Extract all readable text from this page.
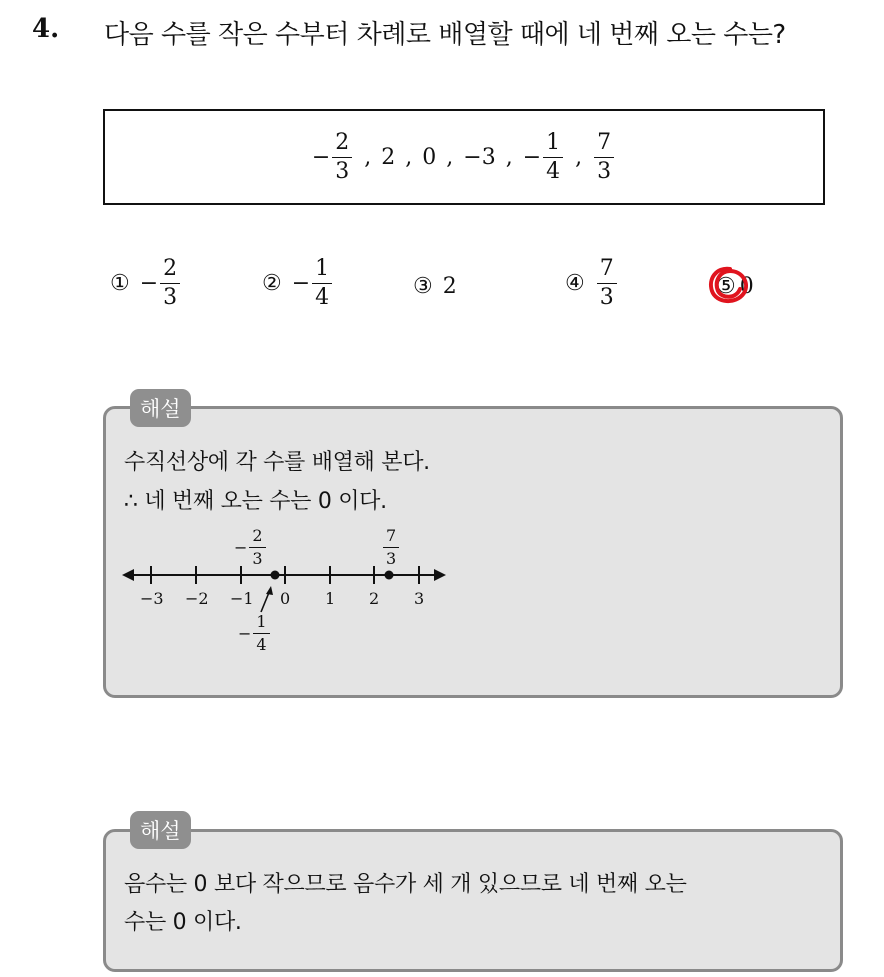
4. 다음 수를 작은 수부터 차례로 배열할 때에 네 번째 오는 수는?
− $\frac{2}{3}$ , 2 , 0 , −3 , − $\frac{1}{4}$ , $\frac{7}{3}$
① − $\frac{2}{3}$	② − $\frac{1}{4}$	③ 2	④ $\frac{7}{3}$	⑤ 0
해설
수직선상에 각 수를 배열해 본다.
∴ 네 번째 오는 수는 0 이다.
−3 −2 −1 0 1 2 3
− $\frac{2}{3}$	$\frac{7}{3}$
− $\frac{1}{4}$
해설
음수는 0 보다 작으므로 음수가 세 개 있으므로 네 번째 오는
수는 0 이다.
